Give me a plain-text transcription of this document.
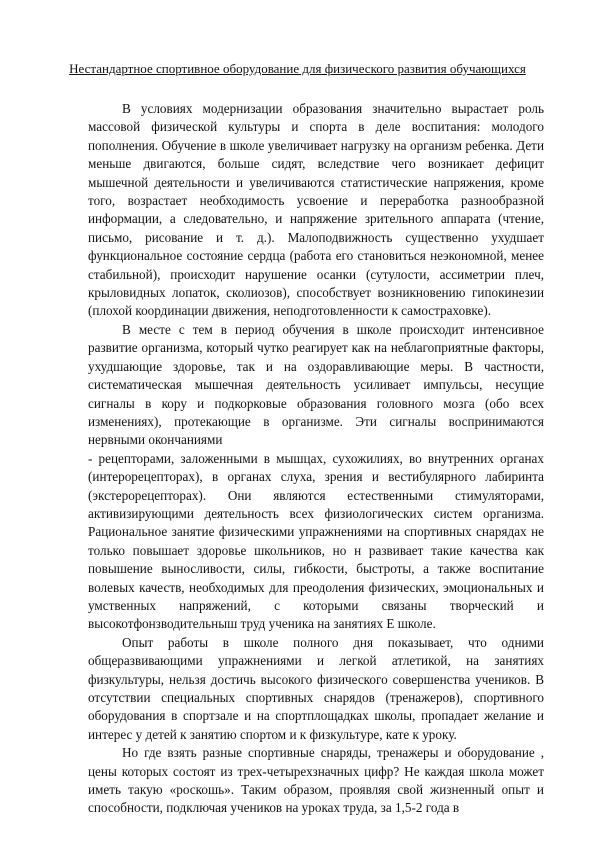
Нестандартное спортивное оборудование для физического развития обучающихся

В условиях модернизации образования значительно вырастает роль массовой физической культуры и спорта в деле воспитания: молодого пополнения. Обучение в школе увеличивает нагрузку на организм ребенка. Дети меньше двигаются, больше сидят, вследствие чего возникает дефицит мышечной деятельности и увеличиваются статистические напряжения, кроме того, возрастает необходимость усвоение и переработка разнообразной информации, а следовательно, и напряжение зрительного аппарата (чтение, письмо, рисование и т. д.). Малоподвижность существенно ухудшает функциональное состояние сердца (работа его становиться неэкономной, менее стабильной), происходит нарушение осанки (сутулости, ассиметрии плеч, крыловидных лопаток, сколиозов), способствует возникновению гипокинезии (плохой координации движения, неподготовленности к самостраховке).

В месте с тем в период обучения в школе происходит интенсивное развитие организма, который чутко реагирует как на неблагоприятные факторы, ухудшающие здоровье, так и на оздоравливающие меры. В частности, систематическая мышечная деятельность усиливает импульсы, несущие сигналы в кору и подкорковые образования головного мозга (обо всех изменениях), протекающие в организме. Эти сигналы воспринимаются нервными окончаниями

- рецепторами, заложенными в мышцах, сухожилиях, во внутренних органах (интерорецепторах), в органах слуха, зрения и вестибулярного лабиринта (экстерорецепторах). Они являются естественными стимуляторами, активизирующими деятельность всех физиологических систем организма. Рациональное занятие физическими упражнениями на спортивных снарядах не только повышает здоровье школьников, но н развивает такие качества как повышение выносливости, силы, гибкости, быстроты, а также воспитание волевых качеств, необходимых для преодоления физических, эмоциональных и умственных напряжений, с которыми связаны творческий и высокотфонзводительныш труд ученика на занятиях E школе.

Опыт работы в школе полного дня показывает, что одними общеразвивающими упражнениями и легкой атлетикой, на занятиях физкультуры, нельзя достичь высокого физического совершенства учеников. В отсутствии специальных спортивных снарядов (тренажеров), спортивного оборудования в спортзале и на спортплощадках школы, пропадает желание и интерес у детей к занятию спортом и к физкультуре, кате к уроку.

Но где взять разные спортивные снаряды, тренажеры и оборудование , цены которых состоят из трех-четырехзначных цифр? Не каждая школа может иметь такую «роскошь». Таким образом, проявляя свой жизненный опыт и способности, подключая учеников на уроках труда, за 1,5-2 года в
